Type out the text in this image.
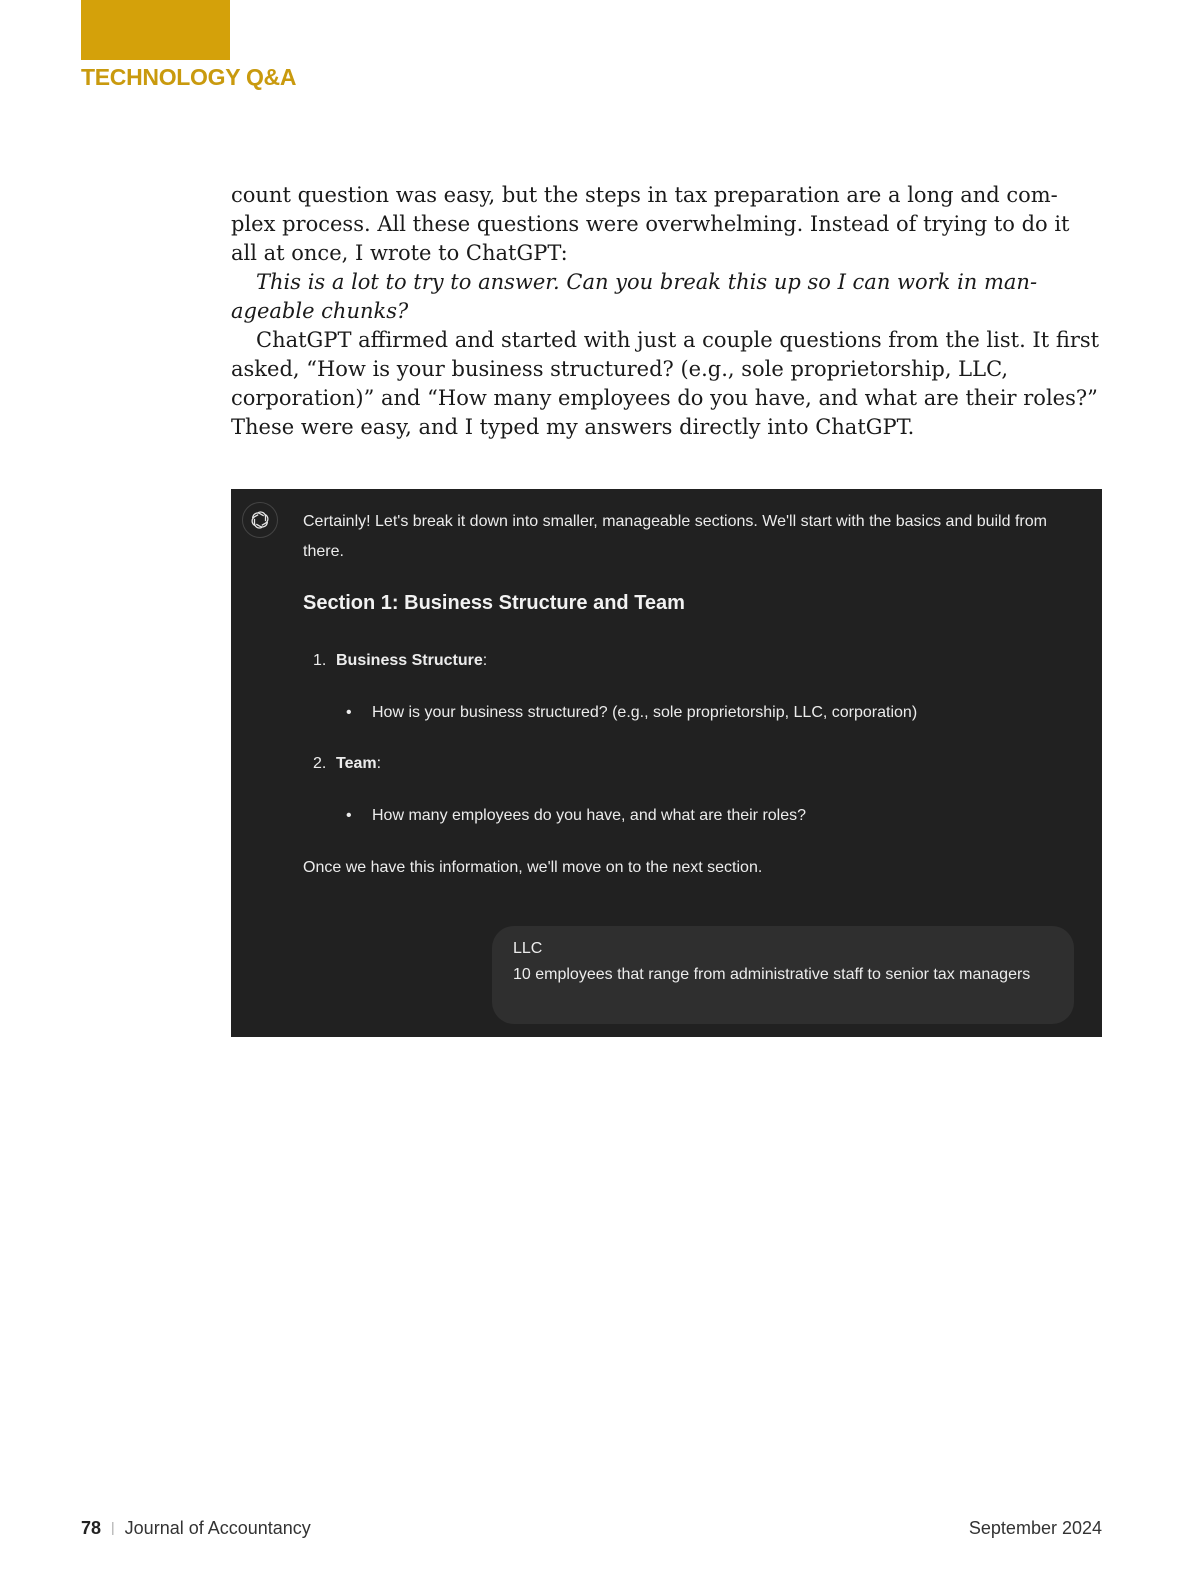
TECHNOLOGY Q&A

count question was easy, but the steps in tax preparation are a long and com- plex process. All these questions were overwhelming. Instead of trying to do it all at once, I wrote to ChatGPT:

This is a lot to try to answer. Can you break this up so I can work in man- ageable chunks?

ChatGPT affirmed and started with just a couple questions from the list. It first asked, “How is your business structured? (e.g., sole proprietorship, LLC, corporation)” and “How many employees do you have, and what are their roles?” These were easy, and I typed my answers directly into ChatGPT.

Certainly! Let's break it down into smaller, manageable sections. We'll start with the basics and build from there.

Section 1: Business Structure and Team
1. Business Structure:
• How is your business structured? (e.g., sole proprietorship, LLC, corporation)
2. Team:
• How many employees do you have, and what are their roles?

Once we have this information, we'll move on to the next section.

LLC

10 employees that range from administrative staff to senior tax managers

78 | Journal of Accountancy	September 2024
